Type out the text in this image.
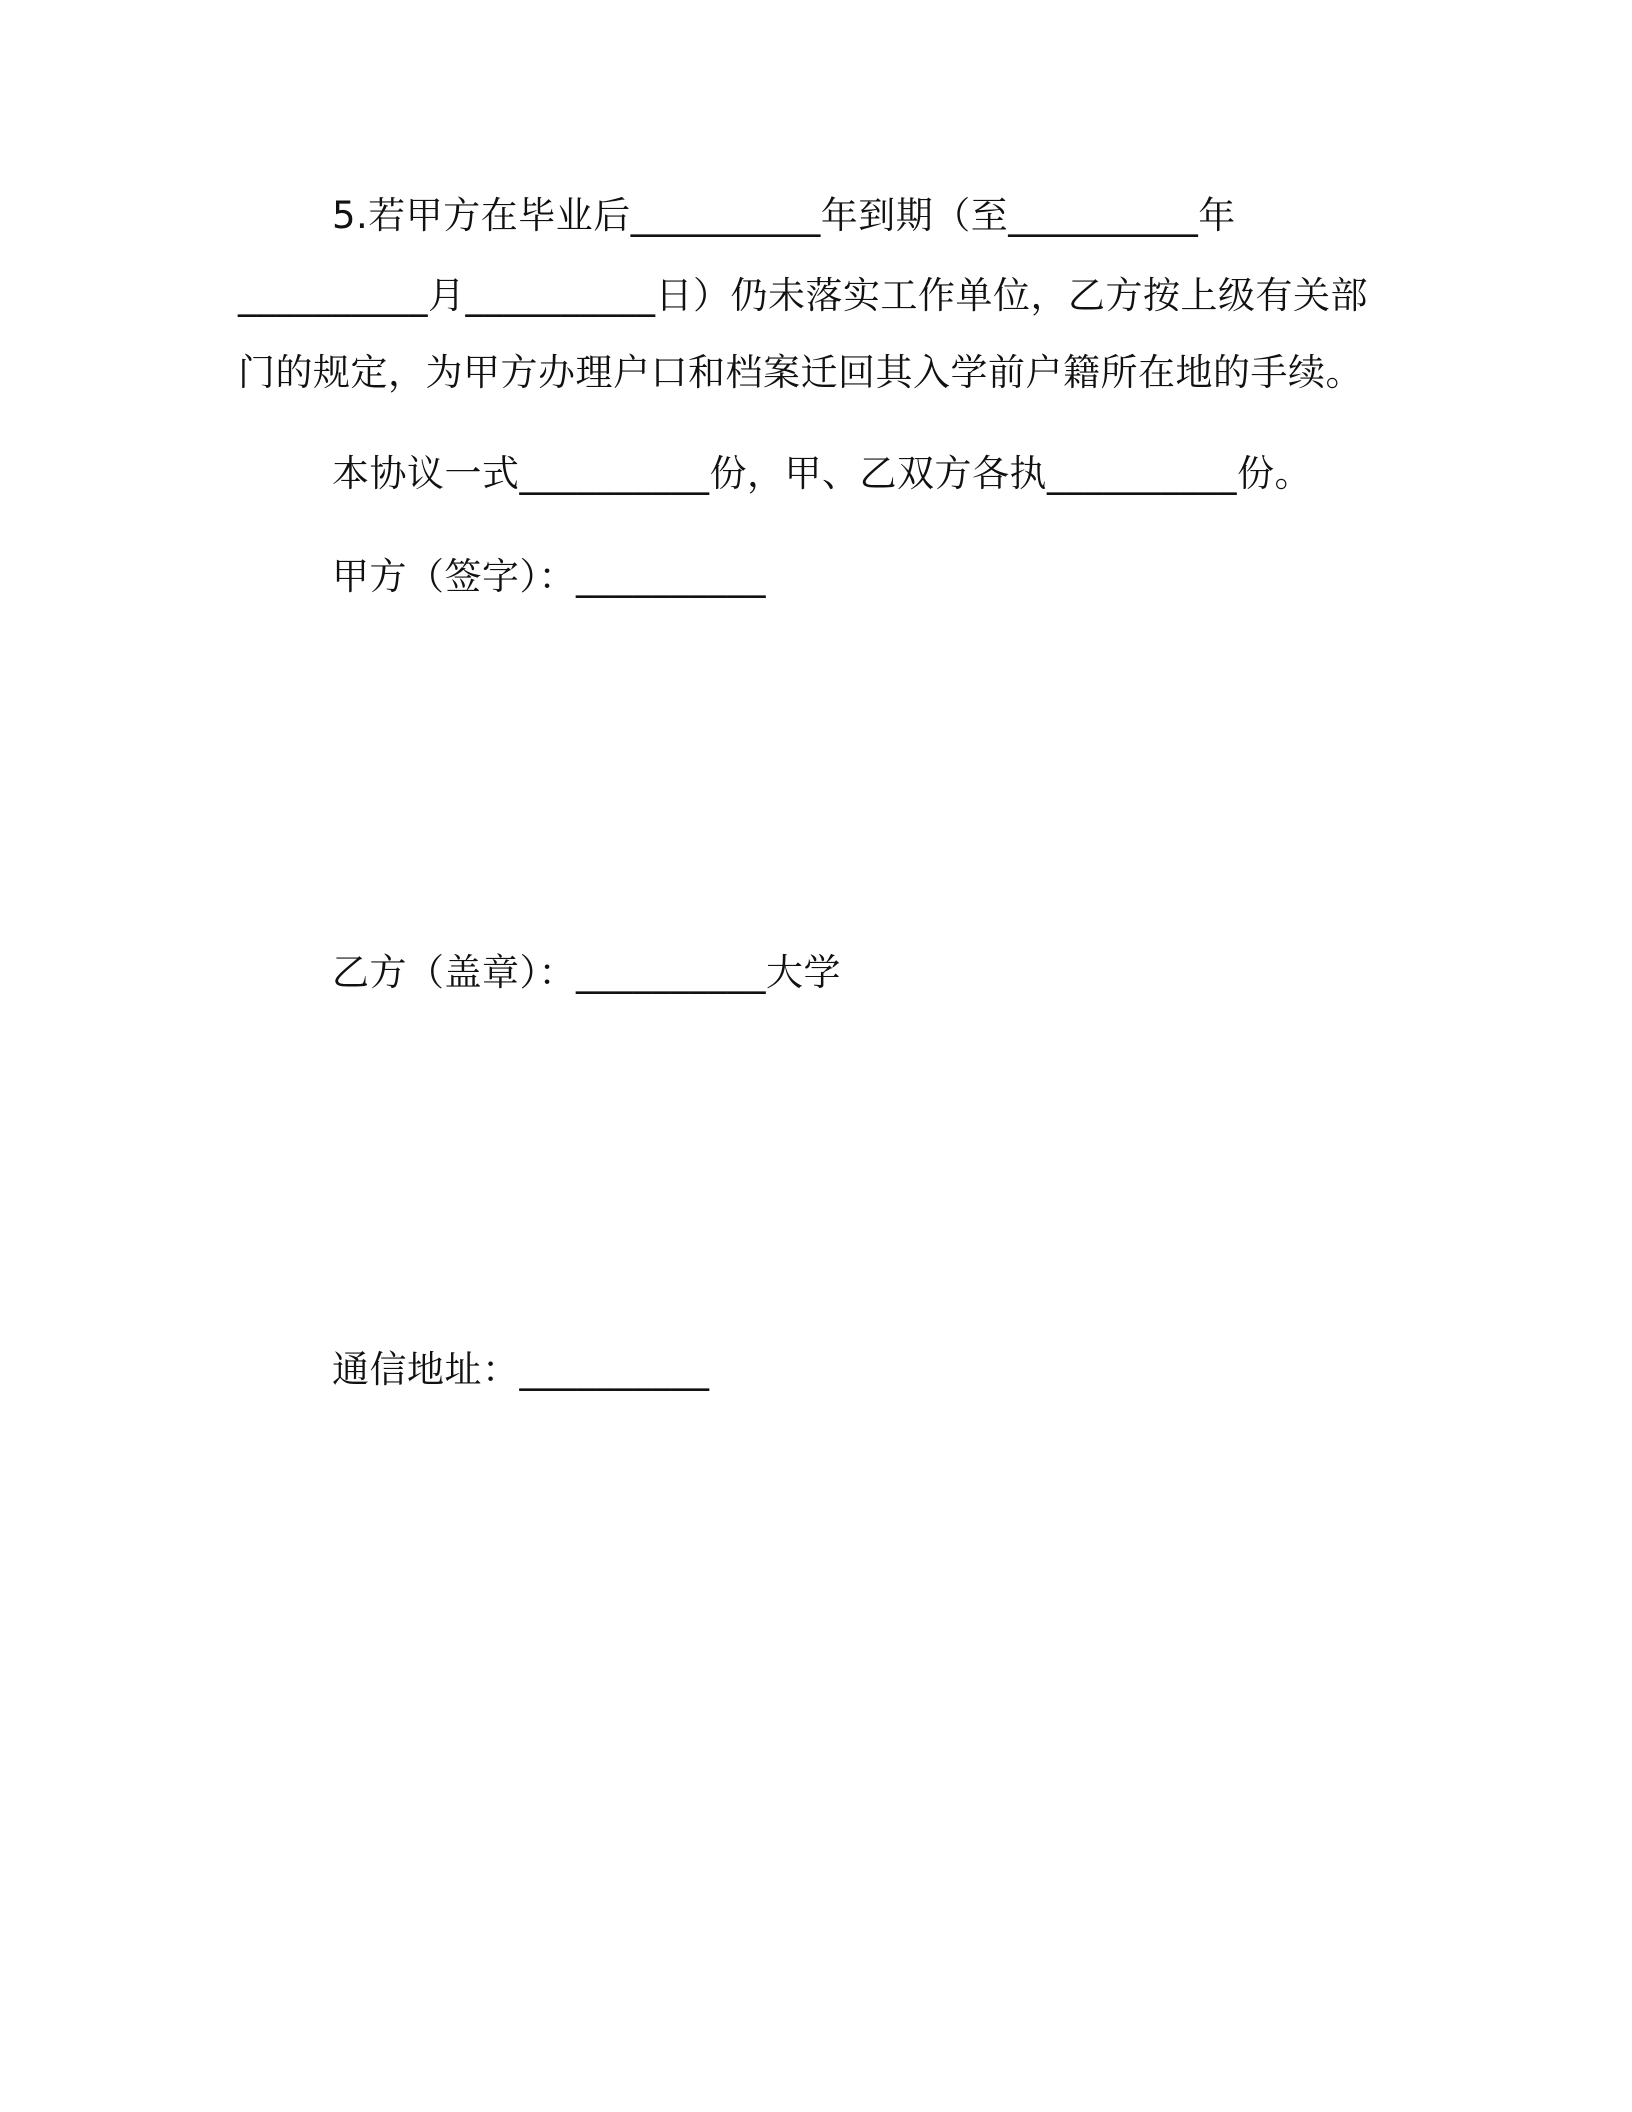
5.若甲方在毕业后__________年到期（至__________年
__________月__________日）仍未落实工作单位，乙方按上级有关部
门的规定，为甲方办理户口和档案迁回其入学前户籍所在地的手续。
本协议一式__________份，甲、乙双方各执__________份。
甲方（签字）：__________
乙方（盖章）：__________大学
通信地址：__________
